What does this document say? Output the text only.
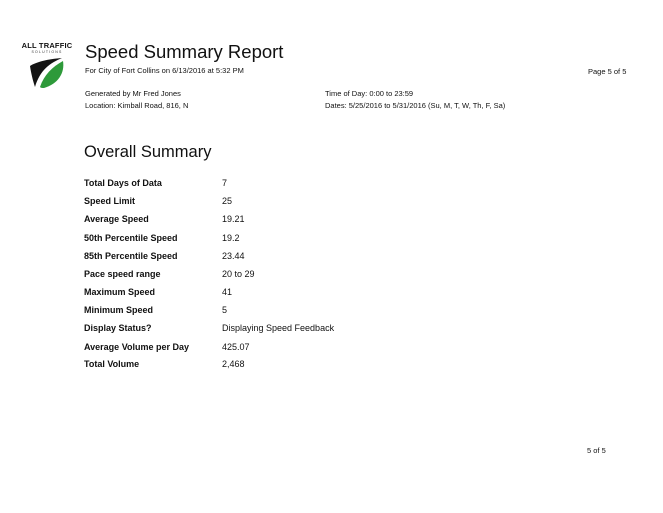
ALL TRAFFIC
SOLUTIONS	Speed Summary Report
For City of Fort Collins on 6/13/2016 at 5:32 PM	Page 5 of 5
Generated by Mr Fred Jones
Location: Kimball Road, 816, N
Time of Day: 0:00 to 23:59
Dates: 5/25/2016 to 5/31/2016 (Su, M, T, W, Th, F, Sa)
Overall Summary
Total Days of Data	7
Speed Limit	25
Average Speed	19.21
50th Percentile Speed	19.2
85th Percentile Speed	23.44
Pace speed range	20 to 29
Maximum Speed	41
Minimum Speed	5
Display Status?	Displaying Speed Feedback
Average Volume per Day	425.07
Total Volume	2,468
5 of 5
